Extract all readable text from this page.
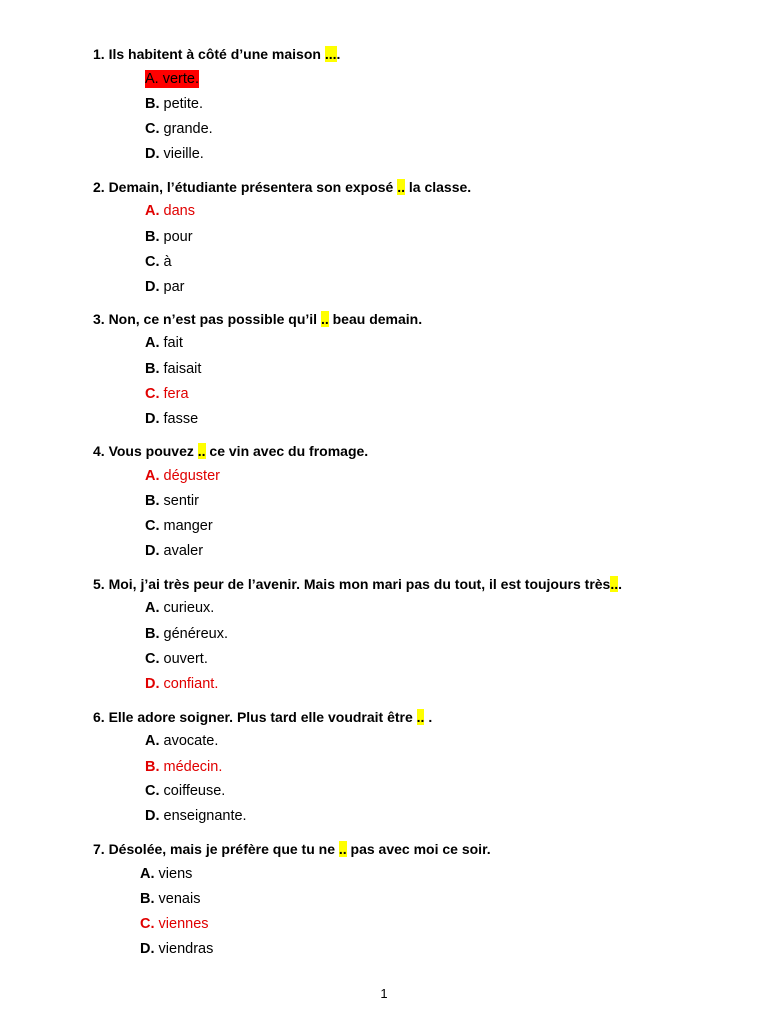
1. Ils habitent à côté d’une maison ....
A. verte.
B. petite.
C. grande.
D. vieille.
2. Demain, l’étudiante présentera son exposé .. la classe.
A. dans
B. pour
C. à
D. par
3. Non, ce n’est pas possible qu’il .. beau demain.
A. fait
B. faisait
C. fera
D. fasse
4. Vous pouvez .. ce vin avec du fromage.
A. déguster
B. sentir
C. manger
D. avaler
5. Moi, j’ai très peur de l’avenir. Mais mon mari pas du tout, il est toujours très...
A. curieux.
B. généreux.
C. ouvert.
D. confiant.
6. Elle adore soigner. Plus tard elle voudrait être .. .
A. avocate.
B. médecin.
C. coiffeuse.
D. enseignante.
7. Désolée, mais je préfère que tu ne .. pas avec moi ce soir.
A. viens
B. venais
C. viennes
D. viendras
1
